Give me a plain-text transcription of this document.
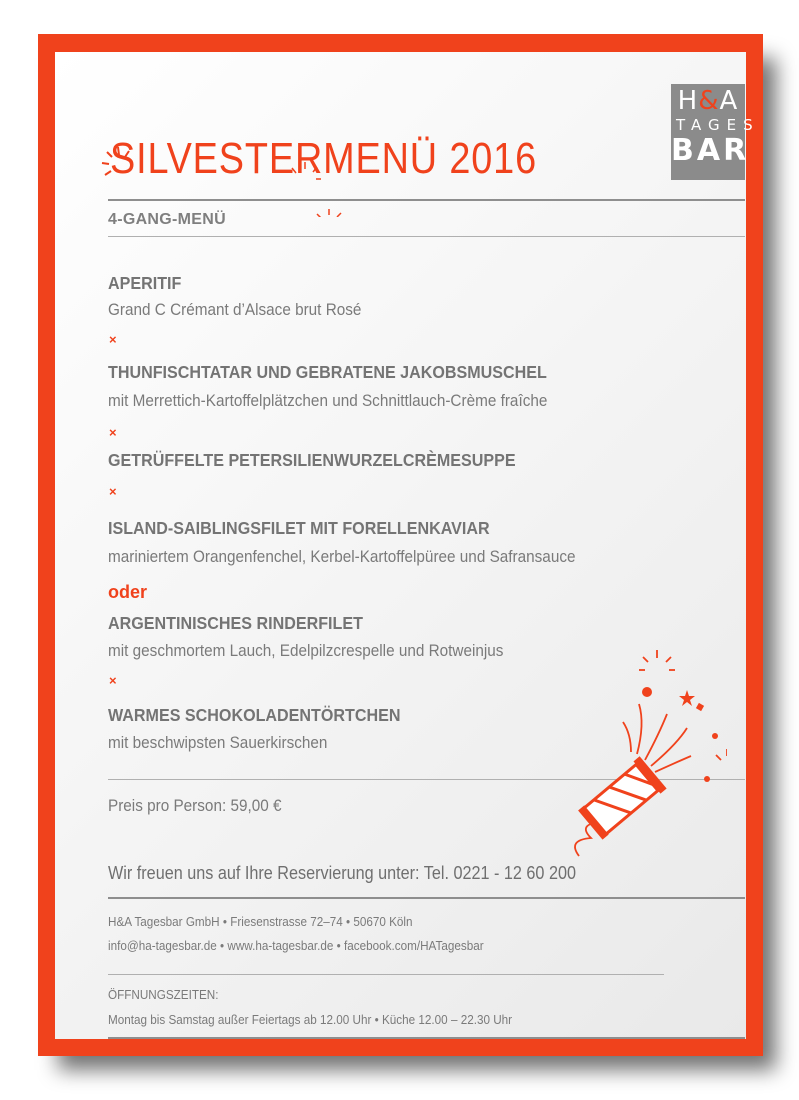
H&A
TAGES
BAR
SILVESTERMENÜ 2016
4-GANG-MENÜ
APERITIF
Grand C Crémant d’Alsace brut Rosé
×
THUNFISCHTATAR UND GEBRATENE JAKOBSMUSCHEL
mit Merrettich-Kartoffelplätzchen und Schnittlauch-Crème fraîche
×
GETRÜFFELTE PETERSILIENWURZELCRÈMESUPPE
×
ISLAND-SAIBLINGSFILET MIT FORELLENKAVIAR
mariniertem Orangenfenchel, Kerbel-Kartoffelpüree und Safransauce
oder
ARGENTINISCHES RINDERFILET
mit geschmortem Lauch, Edelpilzcrespelle und Rotweinjus
×
WARMES SCHOKOLADENTÖRTCHEN
mit beschwipsten Sauerkirschen
Preis pro Person: 59,00 €
Wir freuen uns auf Ihre Reservierung unter: Tel. 0221 - 12 60 200
H&A Tagesbar GmbH • Friesenstrasse 72–74 • 50670 Köln
info@ha-tagesbar.de • www.ha-tagesbar.de • facebook.com/HATagesbar
ÖFFNUNGSZEITEN:
Montag bis Samstag außer Feiertags ab 12.00 Uhr • Küche 12.00 – 22.30 Uhr
